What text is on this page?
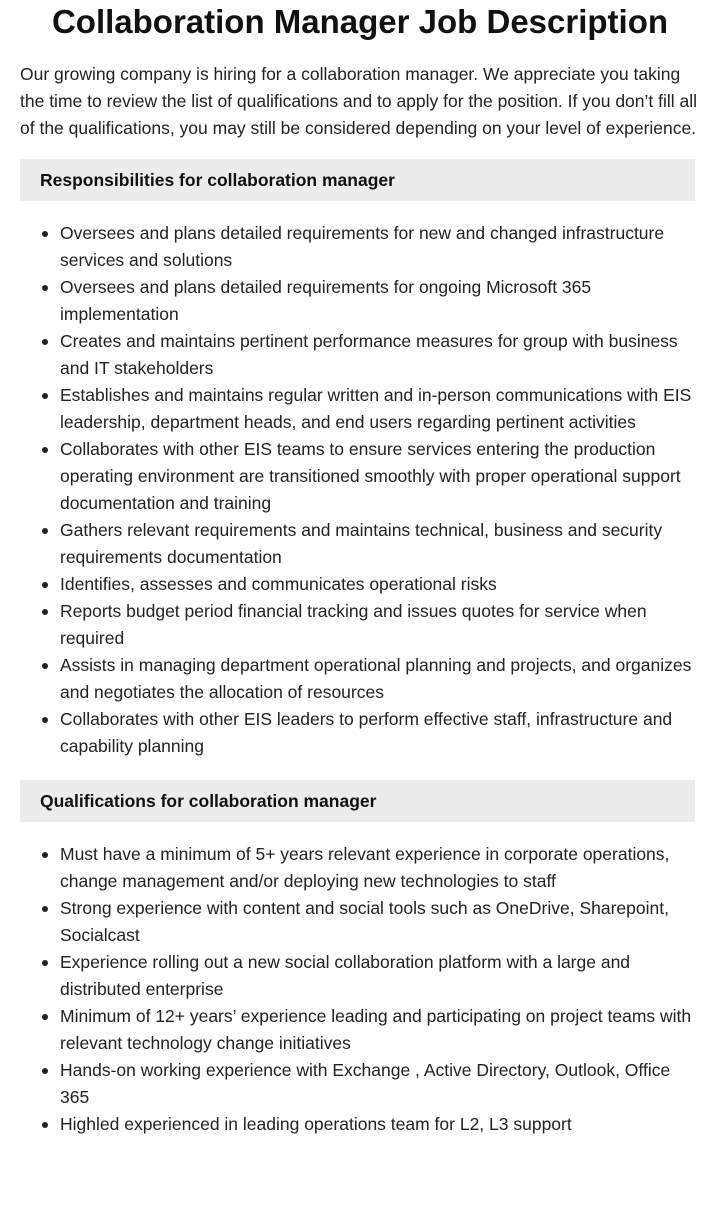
Collaboration Manager Job Description

Our growing company is hiring for a collaboration manager. We appreciate you taking the time to review the list of qualifications and to apply for the position. If you don’t fill all of the qualifications, you may still be considered depending on your level of experience.

Responsibilities for collaboration manager
Oversees and plans detailed requirements for new and changed infrastructure services and solutions
Oversees and plans detailed requirements for ongoing Microsoft 365 implementation
Creates and maintains pertinent performance measures for group with business and IT stakeholders
Establishes and maintains regular written and in-person communications with EIS leadership, department heads, and end users regarding pertinent activities
Collaborates with other EIS teams to ensure services entering the production operating environment are transitioned smoothly with proper operational support documentation and training
Gathers relevant requirements and maintains technical, business and security requirements documentation
Identifies, assesses and communicates operational risks
Reports budget period financial tracking and issues quotes for service when required
Assists in managing department operational planning and projects, and organizes and negotiates the allocation of resources
Collaborates with other EIS leaders to perform effective staff, infrastructure and capability planning
Qualifications for collaboration manager
Must have a minimum of 5+ years relevant experience in corporate operations, change management and/or deploying new technologies to staff
Strong experience with content and social tools such as OneDrive, Sharepoint, Socialcast
Experience rolling out a new social collaboration platform with a large and distributed enterprise
Minimum of 12+ years’ experience leading and participating on project teams with relevant technology change initiatives
Hands-on working experience with Exchange , Active Directory, Outlook, Office 365
Highled experienced in leading operations team for L2, L3 support
